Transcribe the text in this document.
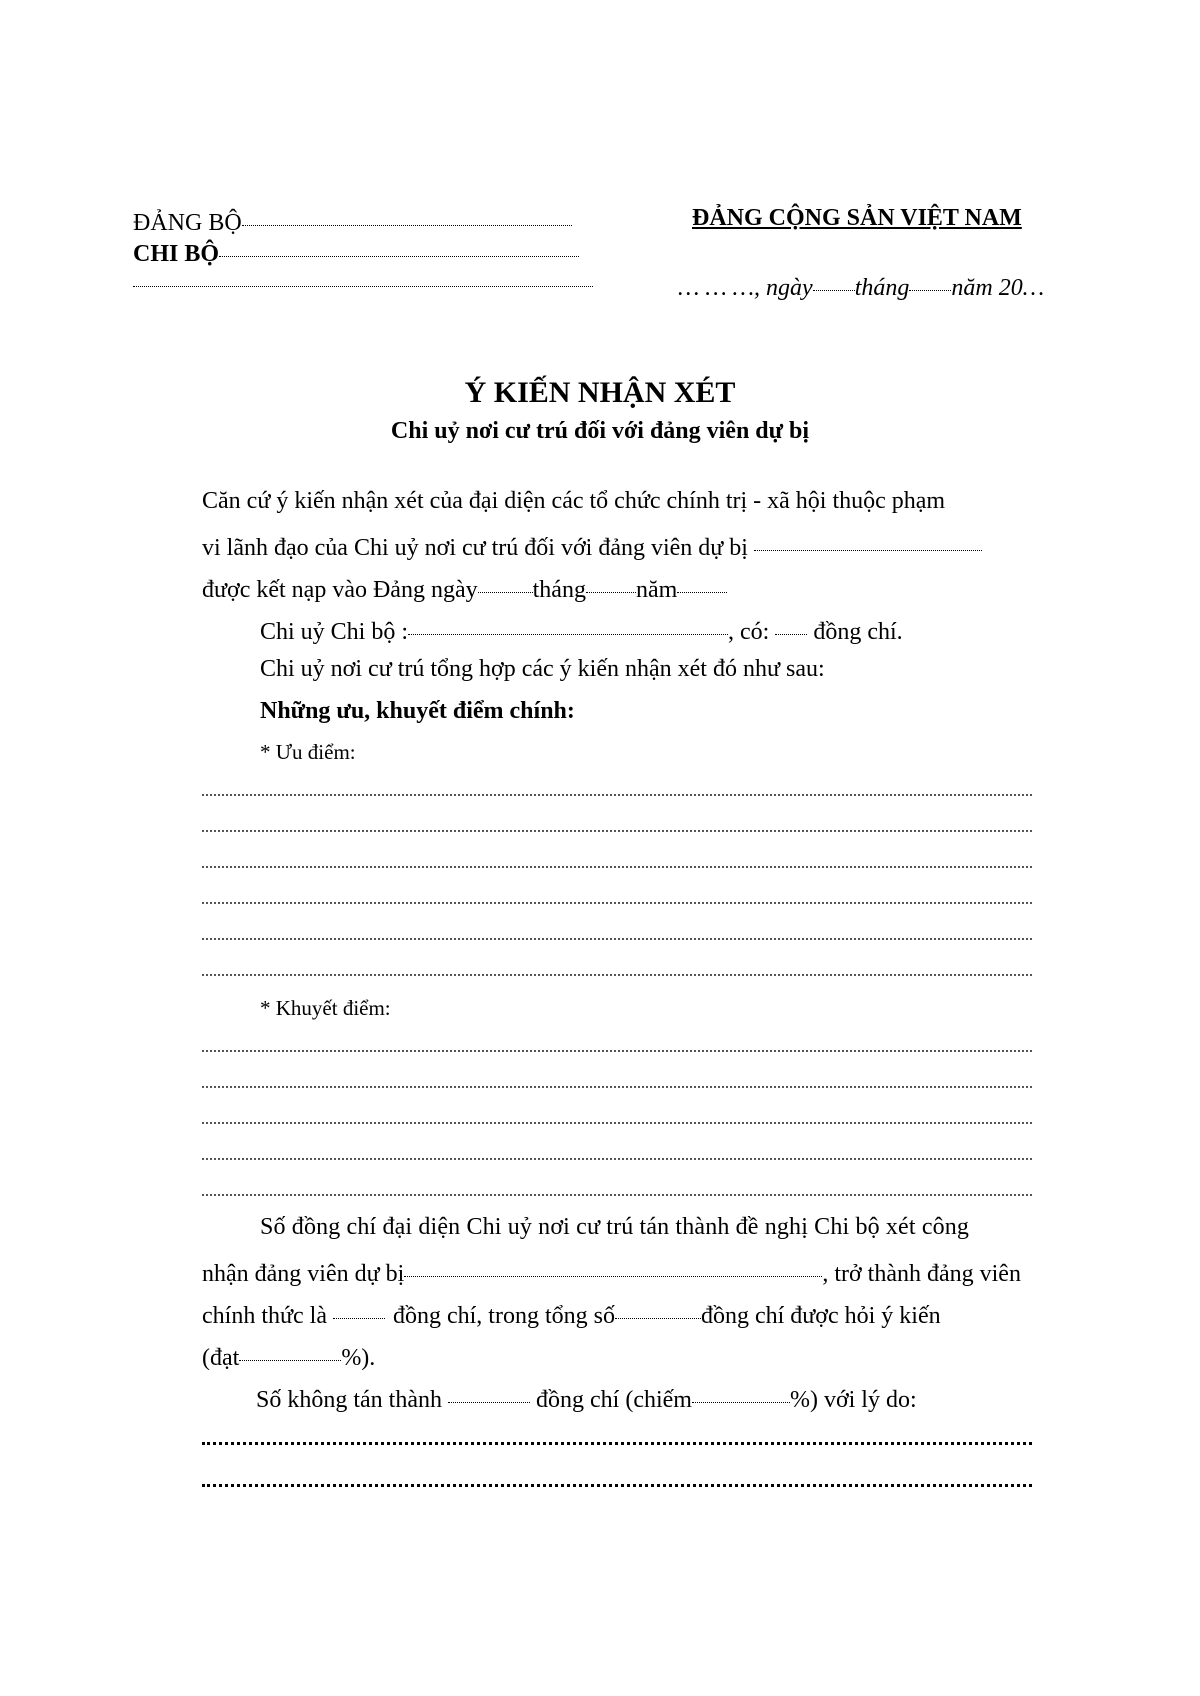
ĐẢNG BỘ
CHI BỘ
ĐẢNG CỘNG SẢN VIỆT NAM
… … …, ngày tháng năm 20…
Ý KIẾN NHẬN XÉT
Chi uỷ nơi cư trú đối với đảng viên dự bị
Căn cứ ý kiến nhận xét của đại diện các tổ chức chính trị - xã hội thuộc phạm
vi lãnh đạo của Chi uỷ nơi cư trú đối với đảng viên dự bị
được kết nạp vào Đảng ngày tháng năm
Chi uỷ Chi bộ :	, có: đồng chí.
Chi uỷ nơi cư trú tổng hợp các ý kiến nhận xét đó như sau:
Những ưu, khuyết điểm chính:
* Ưu điểm:
* Khuyết điểm:
Số đồng chí đại diện Chi uỷ nơi cư trú tán thành đề nghị Chi bộ xét công
nhận đảng viên dự bị	, trở thành đảng viên
chính thức là	đồng chí, trong tổng số	đồng chí được hỏi ý kiến
(đạt	%).
Số không tán thành	đồng chí (chiếm	%) với lý do:
